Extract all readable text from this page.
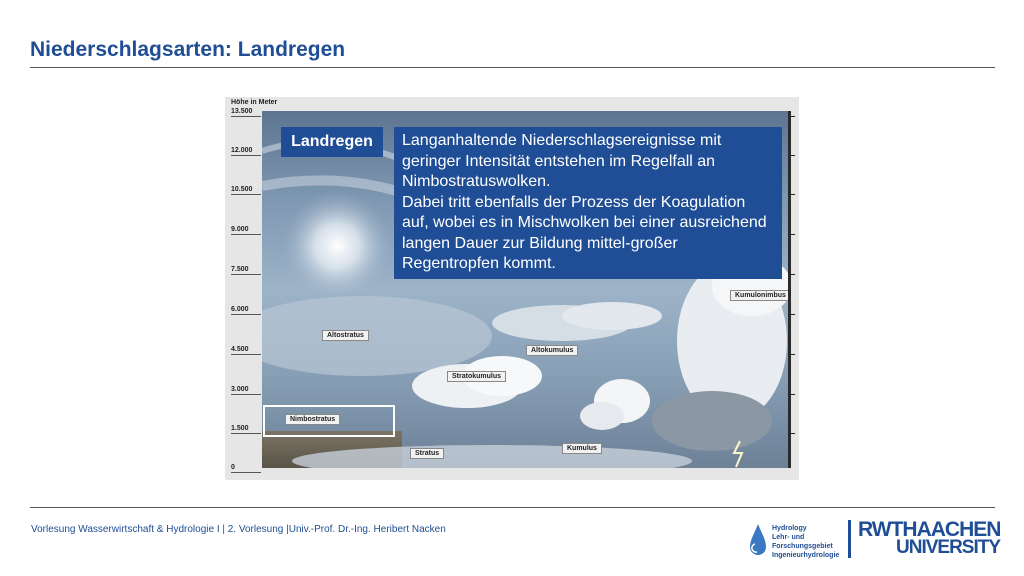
Niederschlagsarten: Landregen
Höhe in Meter
13.500
12.000
10.500
9.000
7.500
6.000
4.500
3.000
1.500
0
Kumulonimbus
Altostratus
Altokumulus
Stratokumulus
Nimbostratus
Stratus
Kumulus
Landregen	Langanhaltende Niederschlagsereignisse mit geringer Intensität entstehen im Regelfall an Nimbostratuswolken.
Dabei tritt ebenfalls der Prozess der Koagulation auf, wobei es in Mischwolken bei einer ausreichend langen Dauer zur Bildung mittel-großer Regentropfen kommt.
Vorlesung Wasserwirtschaft & Hydrologie I | 2. Vorlesung |Univ.-Prof. Dr.-Ing. Heribert Nacken	Hydrology
Lehr- und
Forschungsgebiet
Ingenieurhydrologie
RWTHAACHEN
UNIVERSITY
